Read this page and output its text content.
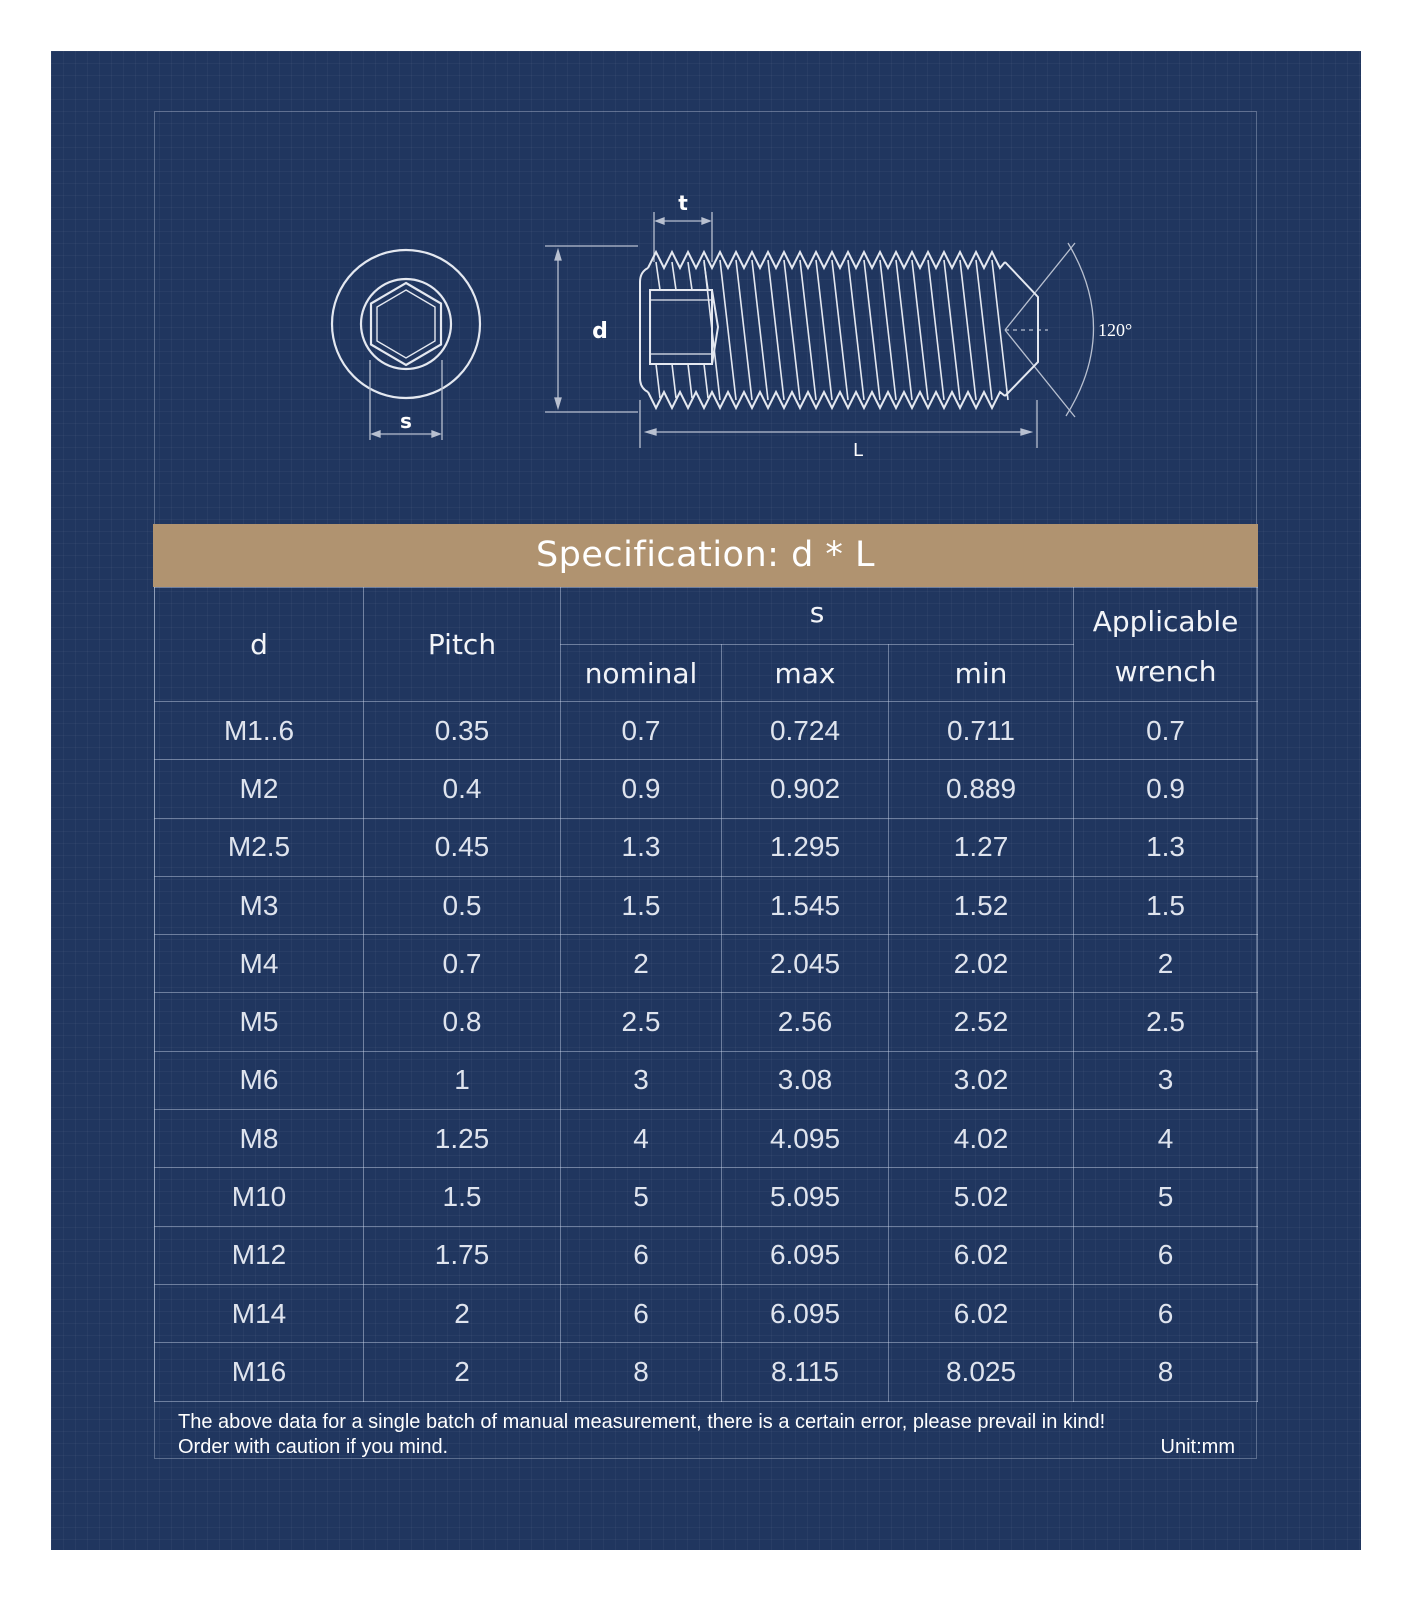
t
d
s
L
120°
Specification: d * L
d	Pitch	s			Applicable
wrench
		nominal	max	min	
M1..6	0.35	0.7	0.724	0.711	0.7
M2	0.4	0.9	0.902	0.889	0.9
M2.5	0.45	1.3	1.295	1.27	1.3
M3	0.5	1.5	1.545	1.52	1.5
M4	0.7	2	2.045	2.02	2
M5	0.8	2.5	2.56	2.52	2.5
M6	1	3	3.08	3.02	3
M8	1.25	4	4.095	4.02	4
M10	1.5	5	5.095	5.02	5
M12	1.75	6	6.095	6.02	6
M14	2	6	6.095	6.02	6
M16	2	8	8.115	8.025	8
The above data for a single batch of manual measurement, there is a certain error, please prevail in kind!
Order with caution if you mind.	Unit:mm
